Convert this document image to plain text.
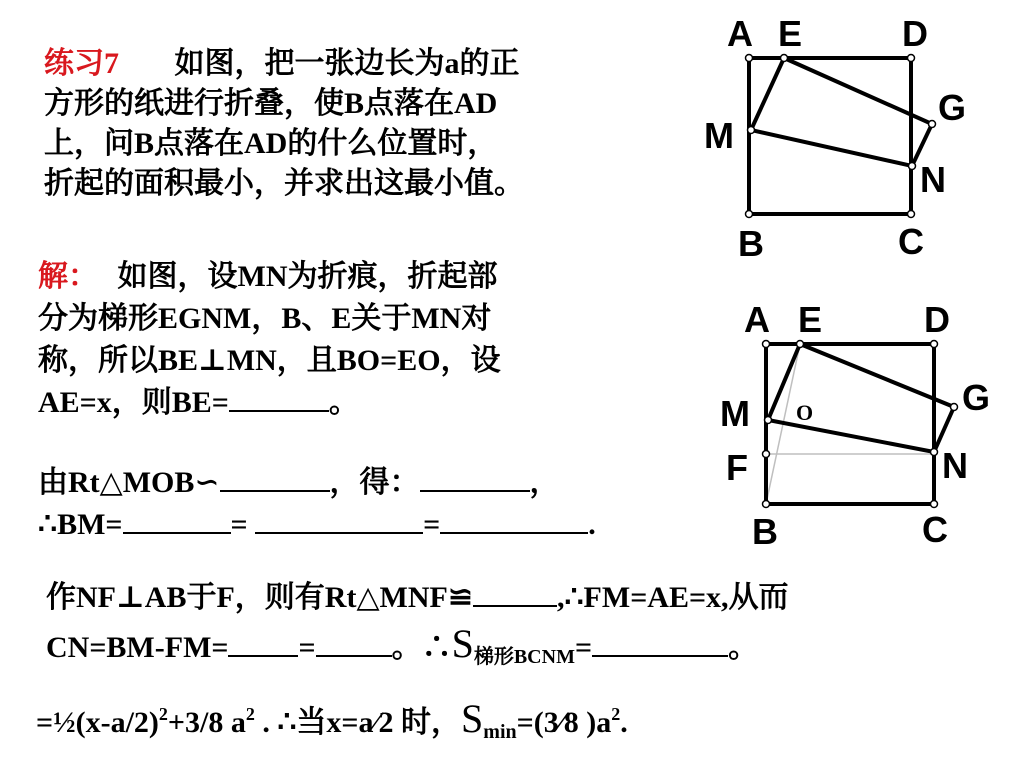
练习7 如图，把一张边长为a的正
方形的纸进行折叠，使B点落在AD
上，问B点落在AD的什么位置时，
折起的面积最小，并求出这最小值。
解： 如图，设MN为折痕，折起部
分为梯形EGNM，B、E关于MN对
称，所以BE⊥MN，且BO=EO，设
AE=x，则BE=	。
由Rt△MOB∽	，得：	，
∴BM=	=	=	.
作NF⊥AB于F，则有Rt△MNF≌	,∴FM=AE=x,从而
CN=BM-FM= =	。$\therefore S_{梯形BCNM}=$	。
$=\frac{1}{2}(x-a/2)^2+3/8$ $a^2$ . ∴当x=a⁄2 时，$S_{min}=(3⁄8$ )$a^2$.
A E	D
G
M
N
B	C
A E	D
G
M O
F	N
B	C
